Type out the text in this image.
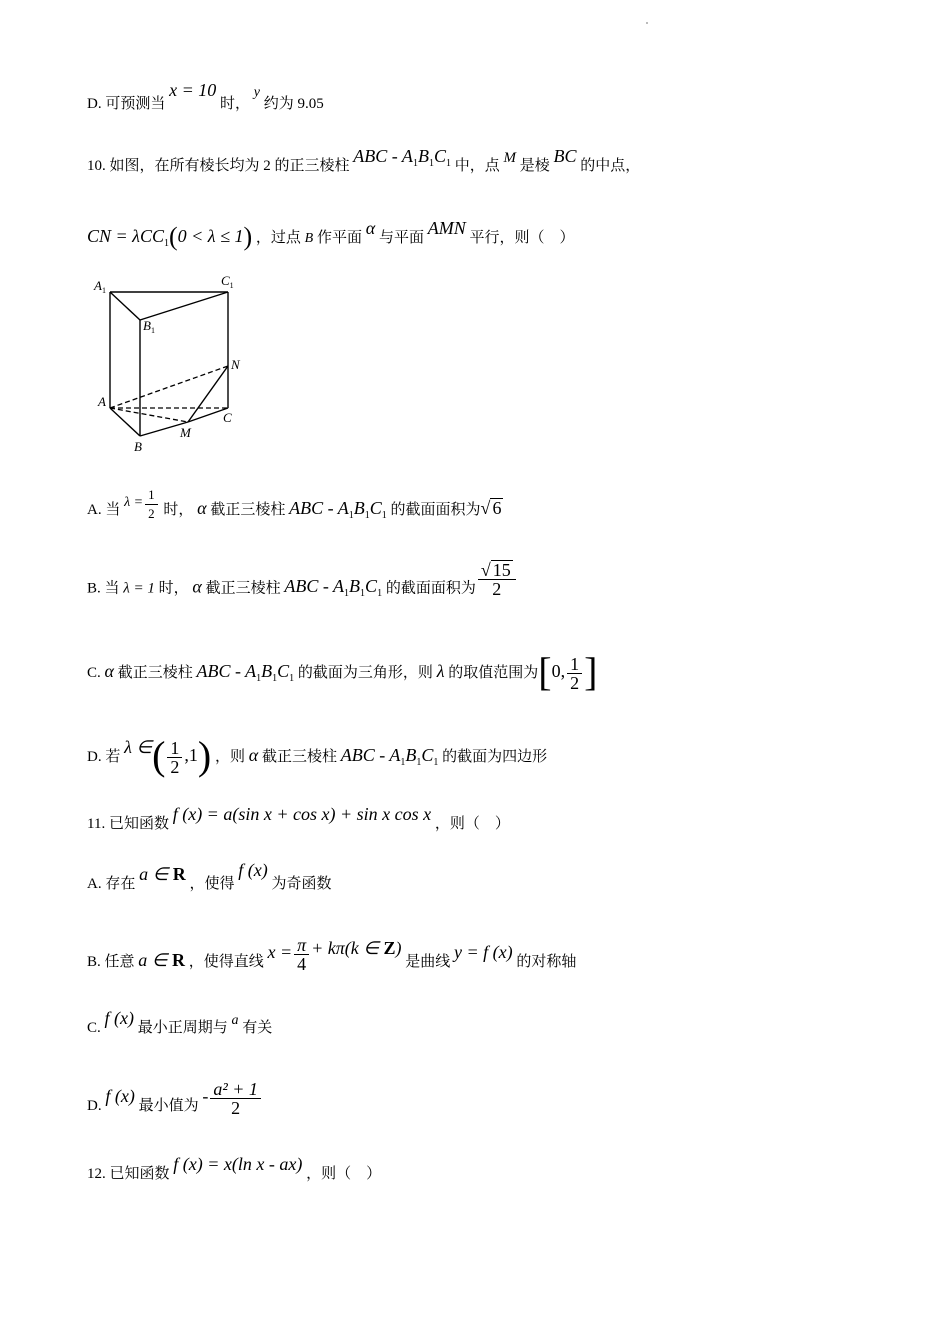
D. 可预测当 x = 10 时， y 约为 9.05
10. 如图，在所有棱长均为 2 的正三棱柱 ABC - $A_1B_1C_1$ 中，点 M 是棱 BC 的中点，
CN = λCC$_1$(0 < λ ≤ 1) ，过点 B 作平面 α 与平面 AMN 平行，则（　）
$A_1$
$C_1$
$B_1$
N
A
C
M
B
A. 当 $\lambda = \frac{1}{2}$ 时， α 截正三棱柱 ABC - $A_1B_1C_1$ 的截面面积为√ 6
B. 当 λ = 1 时， α 截正三棱柱 ABC - $A_1B_1C_1$ 的截面面积为 $\frac{√ 15}{2}$
C. α 截正三棱柱 ABC - $A_1B_1C_1$ 的截面为三角形，则 λ 的取值范围为[0, $\frac{1}{2}$ ]
D. 若 λ ∈( $\frac{1}{2} ,1$) ，则 α 截正三棱柱 ABC - $A_1B_1C_1$ 的截面为四边形
11. 已知函数 f (x) = a(sin x + cos x) + sin x cos x ，则（　）
A. 存在 a ∈ R ，使得 f (x) 为奇函数
B. 任意 a ∈ R ，使得直线 $x = \frac{\pi}{4} + k\pi(k$ ∈ Z) 是曲线 y = f (x) 的对称轴
C. f (x) 最小正周期与 a 有关
D. f (x) 最小值为 - $\frac{\text{a² + 1}}{2}$
12. 已知函数 f (x) = x(ln x - ax) ，则（　）
